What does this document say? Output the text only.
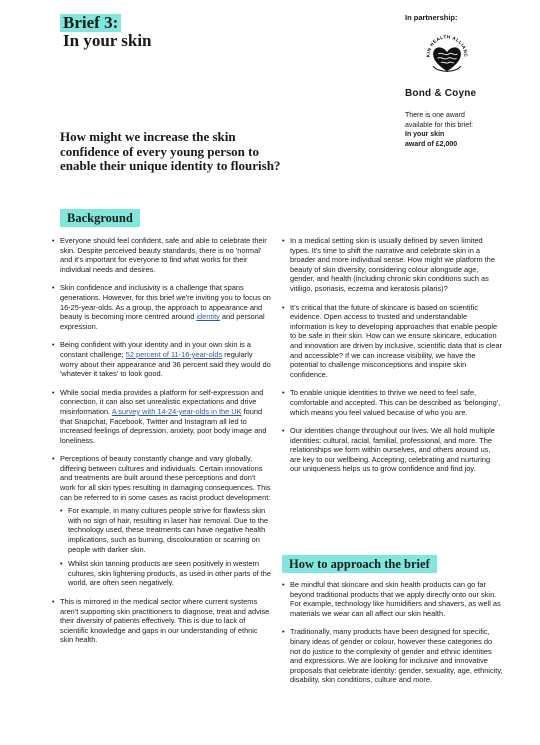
Brief 3:
In your skin
In partnership:
KIN HEALTH ALLIANC
Bond & Coyne
There is one award
available for this brief:
In your skin
award of £2,000
How might we increase the skin confidence of every young person to enable their unique identity to flourish?
Background
• Everyone should feel confident, safe and able to celebrate their skin. Despite perceived beauty standards, there is no 'normal' and it's important for everyone to find what works for their individual needs and desires.
• Skin confidence and inclusivity is a challenge that spans generations. However, for this brief we're inviting you to focus on 16-25-year-olds. As a group, the approach to appearance and beauty is becoming more centred around identity and personal expression.
• Being confident with your identity and in your own skin is a constant challenge; 52 percent of 11-16-year-olds regularly worry about their appearance and 36 percent said they would do 'whatever it takes' to look good.
• While social media provides a platform for self-expression and connection, it can also set unrealistic expectations and drive misinformation. A survey with 14-24-year-olds in the UK found that Snapchat, Facebook, Twitter and Instagram all led to increased feelings of depression, anxiety, poor body image and loneliness.
• Perceptions of beauty constantly change and vary globally, differing between cultures and individuals. Certain innovations and treatments are built around these perceptions and don't work for all skin types resulting in damaging consequences. This can be referred to in some cases as racist product development:
• For example, in many cultures people strive for flawless skin with no sign of hair, resulting in laser hair removal. Due to the technology used, these treatments can have negative health implications, such as burning, discolouration or scarring on people with darker skin.
• Whilst skin tanning products are seen positively in western cultures, skin lightening products, as used in other parts of the world, are often seen negatively.
• This is mirrored in the medical sector where current systems aren't supporting skin practitioners to diagnose, treat and advise their diversity of patients effectively. This is due to lack of scientific knowledge and gaps in our understanding of ethnic skin health.
• In a medical setting skin is usually defined by seven limited types. It's time to shift the narrative and celebrate skin in a broader and more individual sense. How might we platform the beauty of skin diversity, considering colour alongside age, gender, and health (including chronic skin conditions such as vitiligo, psoriasis, eczema and keratosis pilaris)?
• It's critical that the future of skincare is based on scientific evidence. Open access to trusted and understandable information is key to developing approaches that enable people to be safe in their skin. How can we ensure skincare, education and innovation are driven by inclusive, scientific data that is clear and accessible? If we can increase visibility, we have the potential to challenge misconceptions and inspire skin confidence.
• To enable unique identities to thrive we need to feel safe, comfortable and accepted. This can be described as 'belonging', which means you feel valued because of who you are.
• Our identities change throughout our lives. We all hold multiple identities: cultural, racial, familial, professional, and more. The relationships we form within ourselves, and others around us, are key to our wellbeing. Accepting, celebrating and nurturing our uniqueness helps us to grow confidence and find joy.
How to approach the brief
• Be mindful that skincare and skin health products can go far beyond traditional products that we apply directly onto our skin. For example, technology like humidifiers and shavers, as well as materials we wear can all affect our skin health.
• Traditionally, many products have been designed for specific, binary ideas of gender or colour, however these categories do not do justice to the complexity of gender and ethnic identities and expressions. We are looking for inclusive and innovative proposals that celebrate identity: gender, sexuality, age, ethnicity, disability, skin conditions, culture and more.
